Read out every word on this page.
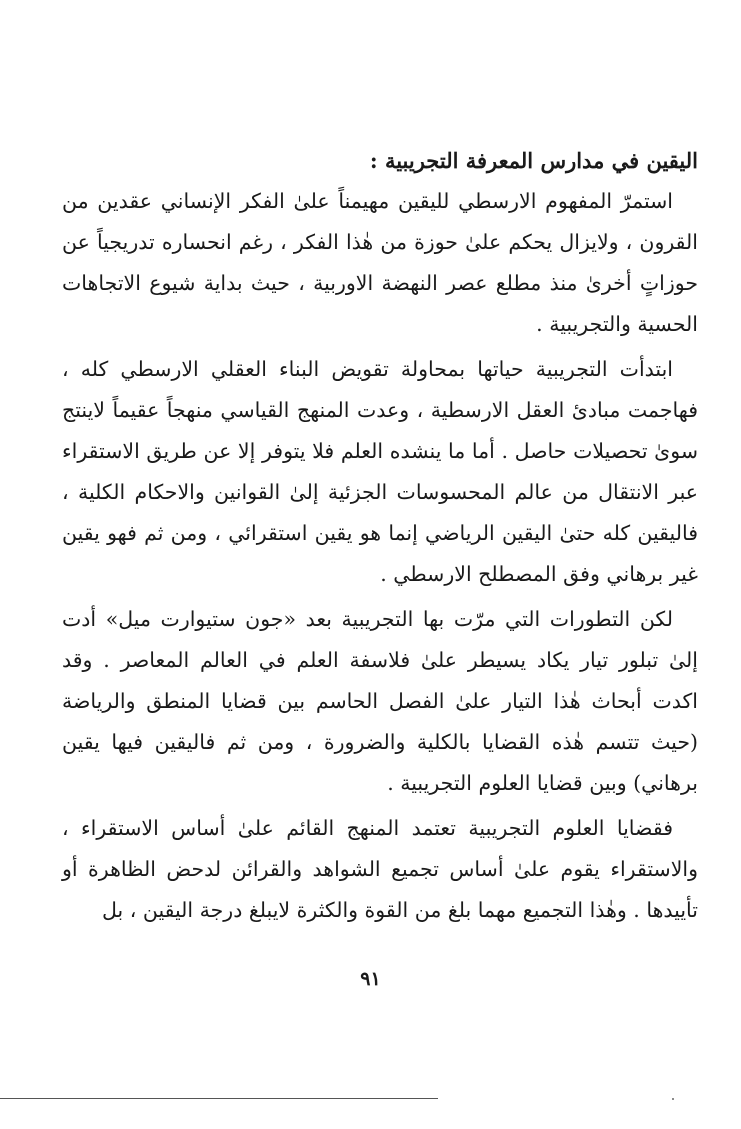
اليقين في مدارس المعرفة التجريبية :

استمرّ المفهوم الارسطي لليقين مهيمناً علىٰ الفكر الإنساني عقدين من القرون ، ولايزال يحكم علىٰ حوزة من هٰذا الفكر ، رغم انحساره تدريجياً عن حوزاتٍ أخرىٰ منذ مطلع عصر النهضة الاوربية ، حيث بداية شيوع الاتجاهات الحسية والتجريبية .

ابتدأت التجريبية حياتها بمحاولة تقويض البناء العقلي الارسطي كله ، فهاجمت مبادئ العقل الارسطية ، وعدت المنهج القياسي منهجاً عقيماً لاينتج سوىٰ تحصيلات حاصل . أما ما ينشده العلم فلا يتوفر إلا عن طريق الاستقراء عبر الانتقال من عالم المحسوسات الجزئية إلىٰ القوانين والاحكام الكلية ، فاليقين كله حتىٰ اليقين الرياضي إنما هو يقين استقرائي ، ومن ثم فهو يقين غير برهاني وفق المصطلح الارسطي .

لكن التطورات التي مرّت بها التجريبية بعد «جون ستيوارت ميل» أدت إلىٰ تبلور تيار يكاد يسيطر علىٰ فلاسفة العلم في العالم المعاصر . وقد اكدت أبحاث هٰذا التيار علىٰ الفصل الحاسم بين قضايا المنطق والرياضة (حيث تتسم هٰذه القضايا بالكلية والضرورة ، ومن ثم فاليقين فيها يقين برهاني) وبين قضايا العلوم التجريبية .

فقضايا العلوم التجريبية تعتمد المنهج القائم علىٰ أساس الاستقراء ، والاستقراء يقوم علىٰ أساس تجميع الشواهد والقرائن لدحض الظاهرة أو تأييدها . وهٰذا التجميع مهما بلغ من القوة والكثرة لايبلغ درجة اليقين ، بل

٩١
